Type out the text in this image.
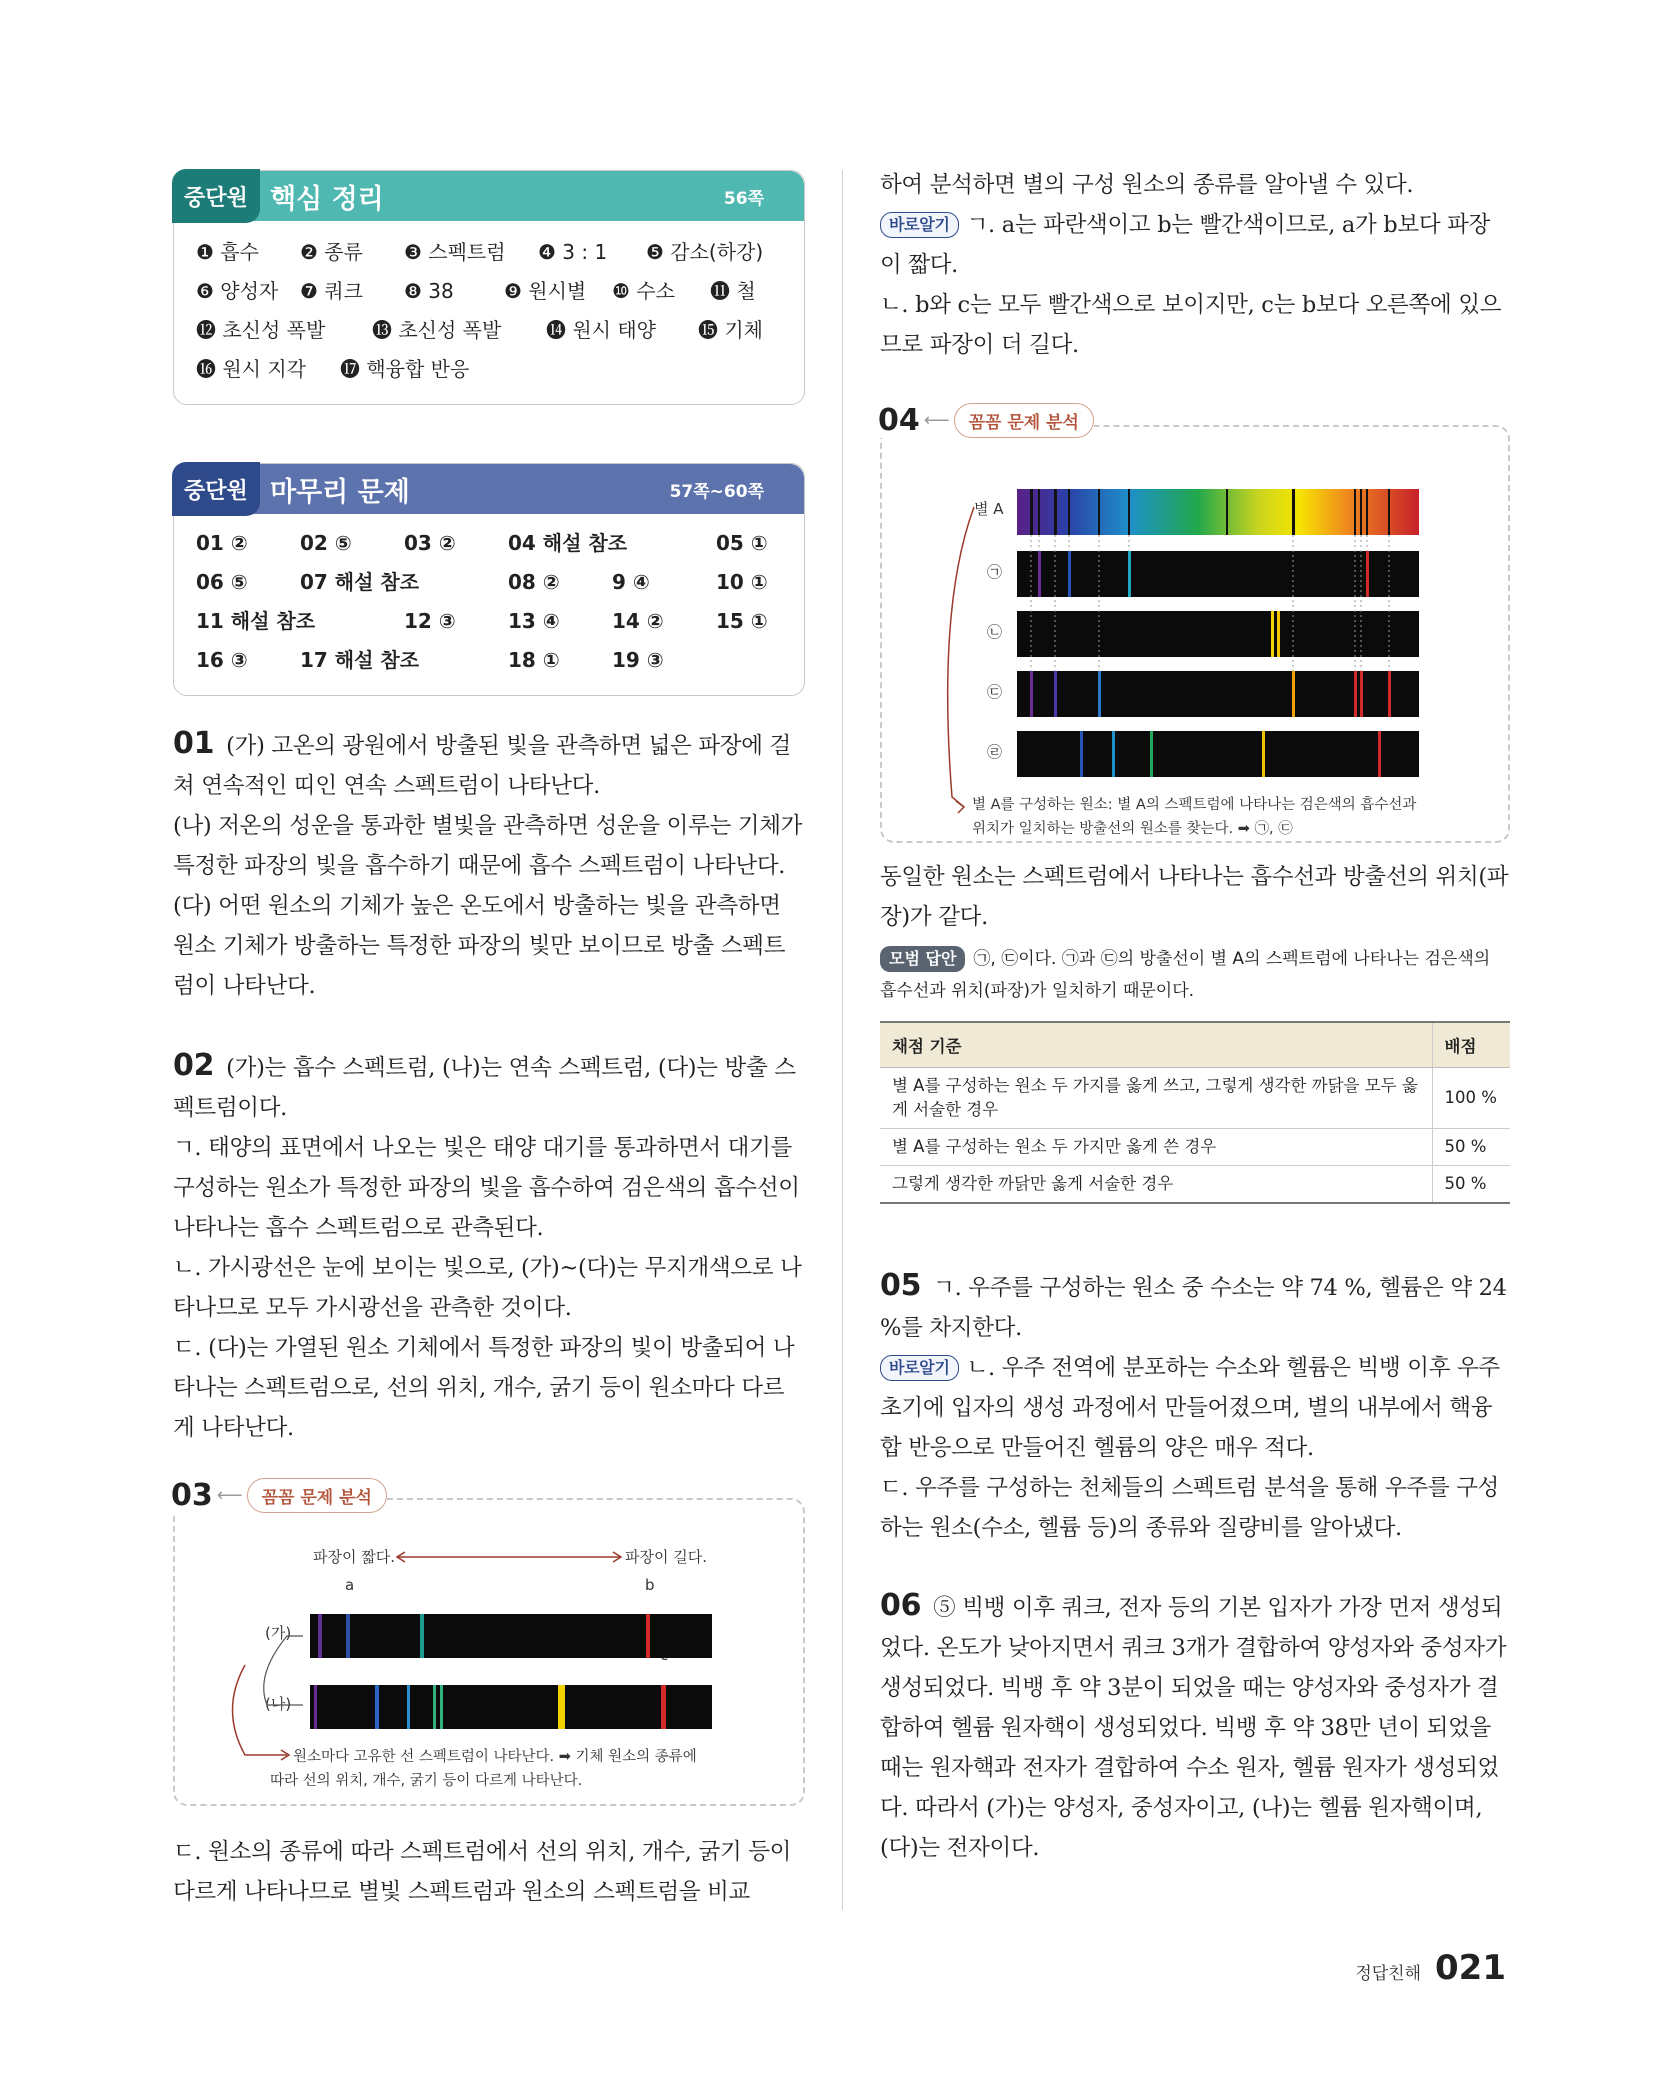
중단원 핵심 정리	56쪽
❶ 흡수	❷ 종류	❸ 스펙트럼	❹ 3 : 1	❺ 감소(하강)
❻ 양성자	❼ 쿼크	❽ 38	❾ 원시별	❿ 수소	⓫ 철
⓬ 초신성 폭발	⓭ 초신성 폭발	⓮ 원시 태양	⓯ 기체
⓰ 원시 지각	⓱ 핵융합 반응
중단원 마무리 문제	57쪽~60쪽
01 ②	02 ⑤	03 ②	04 해설 참조	05 ①
06 ⑤	07 해설 참조	08 ②	9 ④	10 ①
11 해설 참조	12 ③	13 ④	14 ②	15 ①
16 ③	17 해설 참조	18 ①	19 ③

01 (가) 고온의 광원에서 방출된 빛을 관측하면 넓은 파장에 걸쳐 연속적인 띠인 연속 스펙트럼이 나타난다.

(나) 저온의 성운을 통과한 별빛을 관측하면 성운을 이루는 기체가 특정한 파장의 빛을 흡수하기 때문에 흡수 스펙트럼이 나타난다.

(다) 어떤 원소의 기체가 높은 온도에서 방출하는 빛을 관측하면 원소 기체가 방출하는 특정한 파장의 빛만 보이므로 방출 스펙트럼이 나타난다.

02 (가)는 흡수 스펙트럼, (나)는 연속 스펙트럼, (다)는 방출 스펙트럼이다.

ㄱ. 태양의 표면에서 나오는 빛은 태양 대기를 통과하면서 대기를 구성하는 원소가 특정한 파장의 빛을 흡수하여 검은색의 흡수선이 나타나는 흡수 스펙트럼으로 관측된다.

ㄴ. 가시광선은 눈에 보이는 빛으로, (가)~(다)는 무지개색으로 나타나므로 모두 가시광선을 관측한 것이다.

ㄷ. (다)는 가열된 원소 기체에서 특정한 파장의 빛이 방출되어 나타나는 스펙트럼으로, 선의 위치, 개수, 굵기 등이 원소마다 다르게 나타난다.

03 ⟵	꼼꼼 문제 분석
파장이 짧다.	파장이 길다.
a	b
(가)
(나)
원소마다 고유한 선 스펙트럼이 나타난다. ➡ 기체 원소의 종류에
따라 선의 위치, 개수, 굵기 등이 다르게 나타난다.

ㄷ. 원소의 종류에 따라 스펙트럼에서 선의 위치, 개수, 굵기 등이 다르게 나타나므로 별빛 스펙트럼과 원소의 스펙트럼을 비교

하여 분석하면 별의 구성 원소의 종류를 알아낼 수 있다.

바로알기 ㄱ. a는 파란색이고 b는 빨간색이므로, a가 b보다 파장이 짧다.

ㄴ. b와 c는 모두 빨간색으로 보이지만, c는 b보다 오른쪽에 있으므로 파장이 더 길다.

04 ⟵	꼼꼼 문제 분석
별 A
㉠
㉡
㉢
㉣
별 A를 구성하는 원소: 별 A의 스펙트럼에 나타나는 검은색의 흡수선과
위치가 일치하는 방출선의 원소를 찾는다. ➡ ㉠, ㉢

동일한 원소는 스펙트럼에서 나타나는 흡수선과 방출선의 위치(파장)가 같다.

모범 답안 ㉠, ㉢이다. ㉠과 ㉢의 방출선이 별 A의 스펙트럼에 나타나는 검은색의 흡수선과 위치(파장)가 일치하기 때문이다.
채점 기준	배점
별 A를 구성하는 원소 두 가지를 옳게 쓰고, 그렇게 생각한 까닭을 모두 옳게 서술한 경우	100 %
별 A를 구성하는 원소 두 가지만 옳게 쓴 경우	50 %
그렇게 생각한 까닭만 옳게 서술한 경우	50 %

05 ㄱ. 우주를 구성하는 원소 중 수소는 약 74 %, 헬륨은 약 24 %를 차지한다.

바로알기 ㄴ. 우주 전역에 분포하는 수소와 헬륨은 빅뱅 이후 우주 초기에 입자의 생성 과정에서 만들어졌으며, 별의 내부에서 핵융합 반응으로 만들어진 헬륨의 양은 매우 적다.

ㄷ. 우주를 구성하는 천체들의 스펙트럼 분석을 통해 우주를 구성하는 원소(수소, 헬륨 등)의 종류와 질량비를 알아냈다.

06 ⑤ 빅뱅 이후 쿼크, 전자 등의 기본 입자가 가장 먼저 생성되었다. 온도가 낮아지면서 쿼크 3개가 결합하여 양성자와 중성자가 생성되었다. 빅뱅 후 약 3분이 되었을 때는 양성자와 중성자가 결합하여 헬륨 원자핵이 생성되었다. 빅뱅 후 약 38만 년이 되었을 때는 원자핵과 전자가 결합하여 수소 원자, 헬륨 원자가 생성되었다. 따라서 (가)는 양성자, 중성자이고, (나)는 헬륨 원자핵이며, (다)는 전자이다.

정답친해 021
